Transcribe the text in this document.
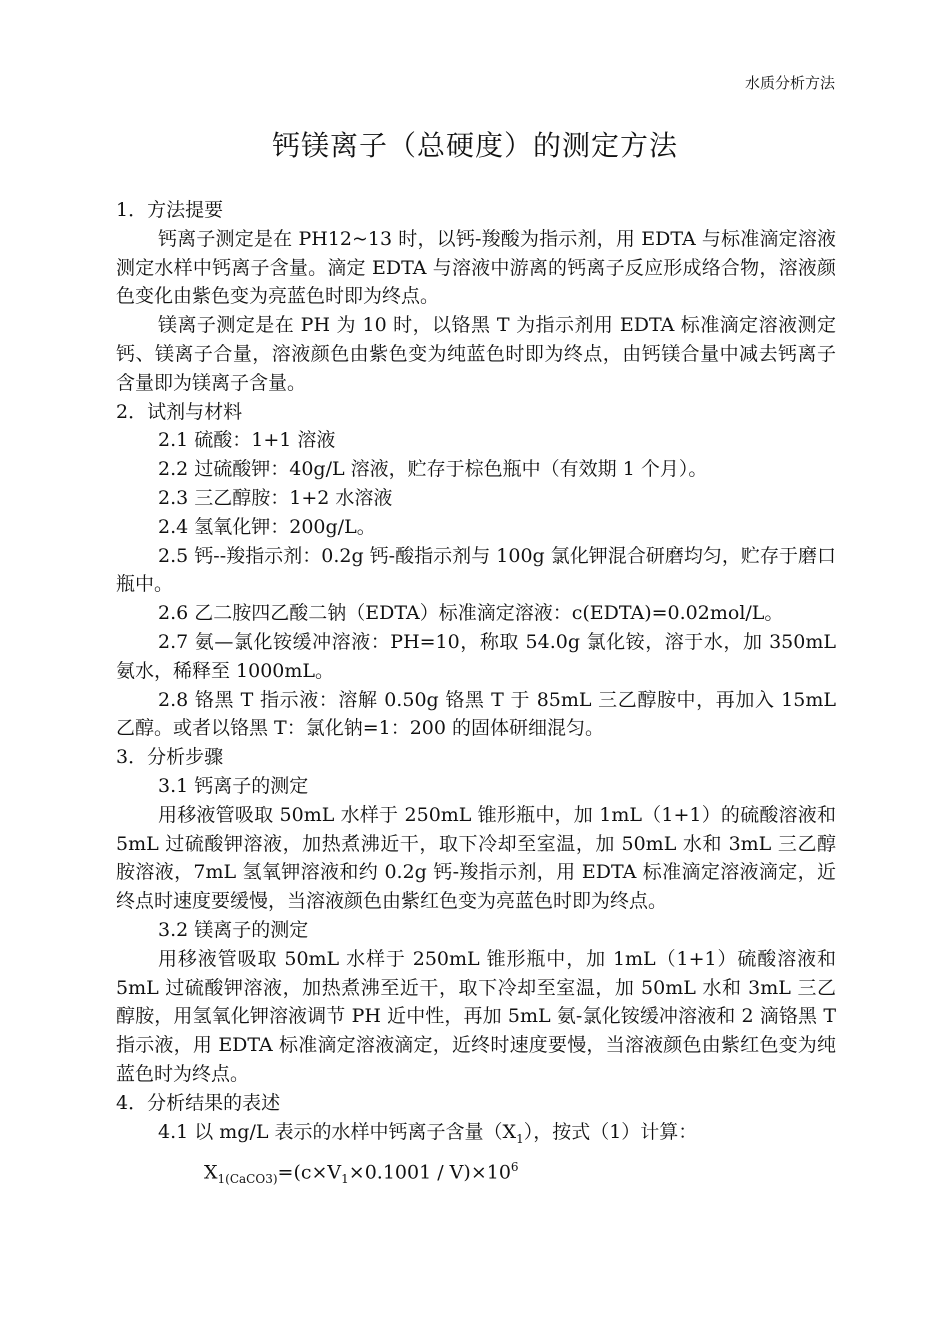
水质分析方法
钙镁离子（总硬度）的测定方法

1．方法提要

钙离子测定是在 PH12~13 时，以钙-羧酸为指示剂，用 EDTA 与标准滴定溶液测定水样中钙离子含量。滴定 EDTA 与溶液中游离的钙离子反应形成络合物，溶液颜色变化由紫色变为亮蓝色时即为终点。

镁离子测定是在 PH 为 10 时，以铬黑 T 为指示剂用 EDTA 标准滴定溶液测定钙、镁离子合量，溶液颜色由紫色变为纯蓝色时即为终点，由钙镁合量中减去钙离子含量即为镁离子含量。

2．试剂与材料

2.1 硫酸：1+1 溶液

2.2 过硫酸钾：40g/L 溶液，贮存于棕色瓶中（有效期 1 个月）。

2.3 三乙醇胺：1+2 水溶液

2.4 氢氧化钾：200g/L。

2.5 钙--羧指示剂：0.2g 钙-酸指示剂与 100g 氯化钾混合研磨均匀，贮存于磨口瓶中。

2.6 乙二胺四乙酸二钠（EDTA）标准滴定溶液：c(EDTA)=0.02mol/L。

2.7 氨—氯化铵缓冲溶液：PH=10，称取 54.0g 氯化铵，溶于水，加 350mL 氨水，稀释至 1000mL。

2.8 铬黑 T 指示液：溶解 0.50g 铬黑 T 于 85mL 三乙醇胺中，再加入 15mL 乙醇。或者以铬黑 T：氯化钠=1：200 的固体研细混匀。

3．分析步骤

3.1 钙离子的测定

用移液管吸取 50mL 水样于 250mL 锥形瓶中，加 1mL（1+1）的硫酸溶液和 5mL 过硫酸钾溶液，加热煮沸近干，取下冷却至室温，加 50mL 水和 3mL 三乙醇胺溶液，7mL 氢氧钾溶液和约 0.2g 钙-羧指示剂，用 EDTA 标准滴定溶液滴定，近终点时速度要缓慢，当溶液颜色由紫红色变为亮蓝色时即为终点。

3.2 镁离子的测定

用移液管吸取 50mL 水样于 250mL 锥形瓶中，加 1mL（1+1）硫酸溶液和 5mL 过硫酸钾溶液，加热煮沸至近干，取下冷却至室温，加 50mL 水和 3mL 三乙醇胺，用氢氧化钾溶液调节 PH 近中性，再加 5mL 氨-氯化铵缓冲溶液和 2 滴铬黑 T 指示液，用 EDTA 标准滴定溶液滴定，近终时速度要慢，当溶液颜色由紫红色变为纯蓝色时为终点。

4．分析结果的表述

4.1 以 mg/L 表示的水样中钙离子含量$(X_1)$，按式（1）计算：

$X_{1(CaCO3)}=(c\times V_1\times 0.1001 / V)\times 10^6$
